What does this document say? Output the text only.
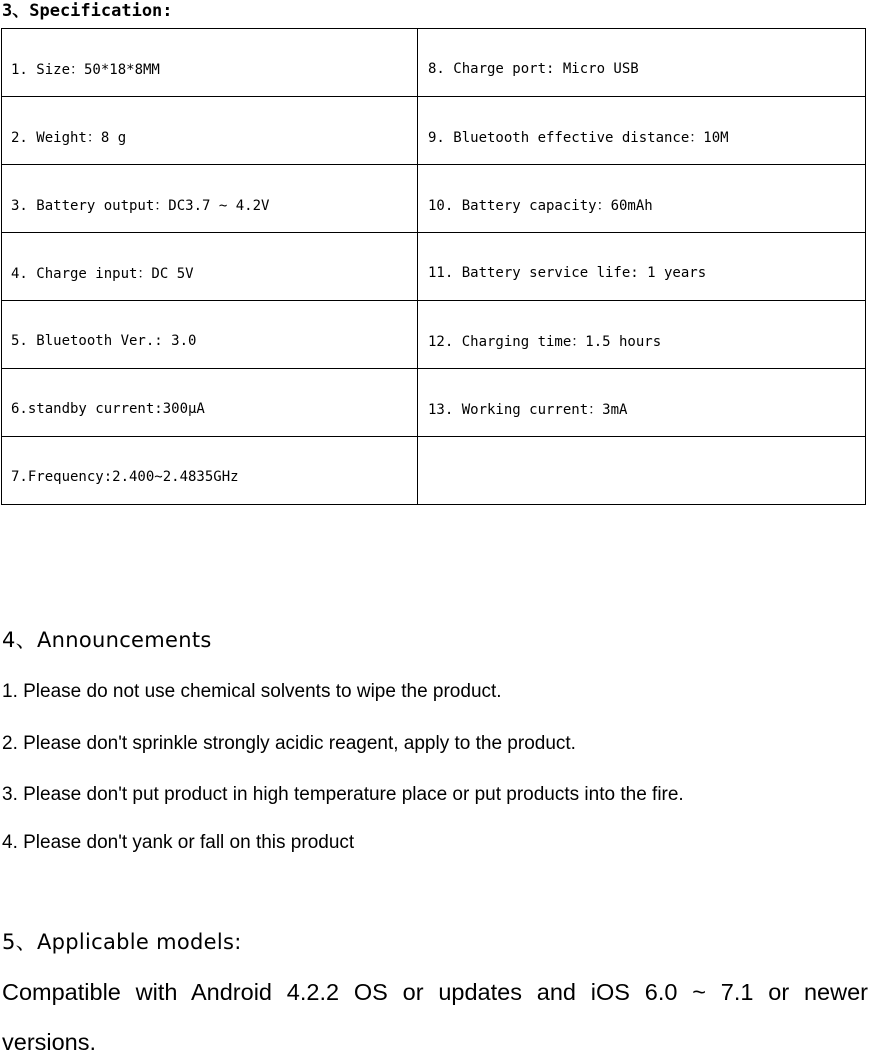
3、Specification:
1. Size：50*18*8MM	8. Charge port: Micro USB
2. Weight：8 g	9. Bluetooth effective distance：10M
3. Battery output：DC3.7 ~ 4.2V	10. Battery capacity：60mAh
4. Charge input：DC 5V	11. Battery service life: 1 years
5. Bluetooth Ver.: 3.0	12. Charging time：1.5 hours
6.standby current:300μA	13. Working current：3mA
7.Frequency:2.400~2.4835GHz	
4、Announcements
1. Please do not use chemical solvents to wipe the product.
2. Please don't sprinkle strongly acidic reagent, apply to the product.
3. Please don't put product in high temperature place or put products into the fire.
4. Please don't yank or fall on this product
5、Applicable models:
Compatible with Android 4.2.2 OS or updates and iOS 6.0 ~ 7.1 or newer
versions.
